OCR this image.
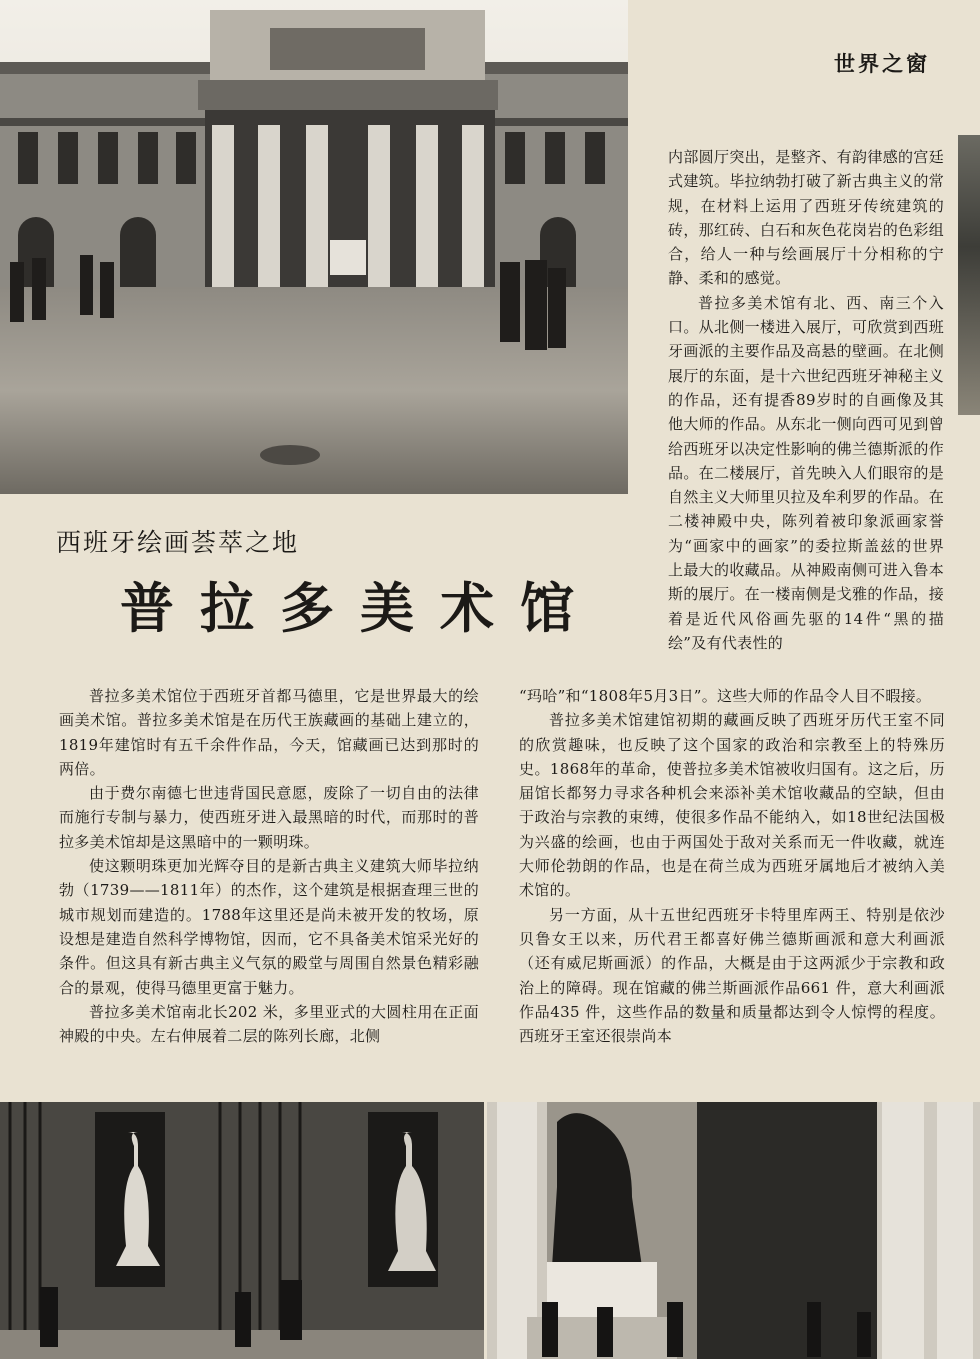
世界之窗

内部圆厅突出，是整齐、有韵律感的宫廷式建筑。毕拉纳勃打破了新古典主义的常规，在材料上运用了西班牙传统建筑的砖，那红砖、白石和灰色花岗岩的色彩组合，给人一种与绘画展厅十分相称的宁静、柔和的感觉。

普拉多美术馆有北、西、南三个入口。从北侧一楼进入展厅，可欣赏到西班牙画派的主要作品及高悬的壁画。在北侧展厅的东面，是十六世纪西班牙神秘主义的作品，还有提香89岁时的自画像及其他大师的作品。从东北一侧向西可见到曾给西班牙以决定性影响的佛兰德斯派的作品。在二楼展厅，首先映入人们眼帘的是自然主义大师里贝拉及牟利罗的作品。在二楼神殿中央，陈列着被印象派画家誉为“画家中的画家”的委拉斯盖兹的世界上最大的收藏品。从神殿南侧可进入鲁本斯的展厅。在一楼南侧是戈雅的作品，接着是近代风俗画先驱的14件“黑的描绘”及有代表性的

西班牙绘画荟萃之地
普拉多美术馆

普拉多美术馆位于西班牙首都马德里，它是世界最大的绘画美术馆。普拉多美术馆是在历代王族藏画的基础上建立的，1819年建馆时有五千余件作品，今天，馆藏画已达到那时的两倍。

由于费尔南德七世违背国民意愿，废除了一切自由的法律而施行专制与暴力，使西班牙进入最黑暗的时代，而那时的普拉多美术馆却是这黑暗中的一颗明珠。

使这颗明珠更加光辉夺目的是新古典主义建筑大师毕拉纳勃（1739——1811年）的杰作，这个建筑是根据查理三世的城市规划而建造的。1788年这里还是尚未被开发的牧场，原设想是建造自然科学博物馆，因而，它不具备美术馆采光好的条件。但这具有新古典主义气氛的殿堂与周围自然景色精彩融合的景观，使得马德里更富于魅力。

普拉多美术馆南北长202 米，多里亚式的大圆柱用在正面神殿的中央。左右伸展着二层的陈列长廊，北侧

“玛哈”和“1808年5月3日”。这些大师的作品令人目不暇接。

普拉多美术馆建馆初期的藏画反映了西班牙历代王室不同的欣赏趣味，也反映了这个国家的政治和宗教至上的特殊历史。1868年的革命，使普拉多美术馆被收归国有。这之后，历届馆长都努力寻求各种机会来添补美术馆收藏品的空缺，但由于政治与宗教的束缚，使很多作品不能纳入，如18世纪法国极为兴盛的绘画，也由于两国处于敌对关系而无一件收藏，就连大师伦勃朗的作品，也是在荷兰成为西班牙属地后才被纳入美术馆的。

另一方面，从十五世纪西班牙卡特里库两王、特别是依沙贝鲁女王以来，历代君王都喜好佛兰德斯画派和意大利画派（还有威尼斯画派）的作品，大概是由于这两派少于宗教和政治上的障碍。现在馆藏的佛兰斯画派作品661 件，意大利画派作品435 件，这些作品的数量和质量都达到令人惊愕的程度。西班牙王室还很崇尚本
